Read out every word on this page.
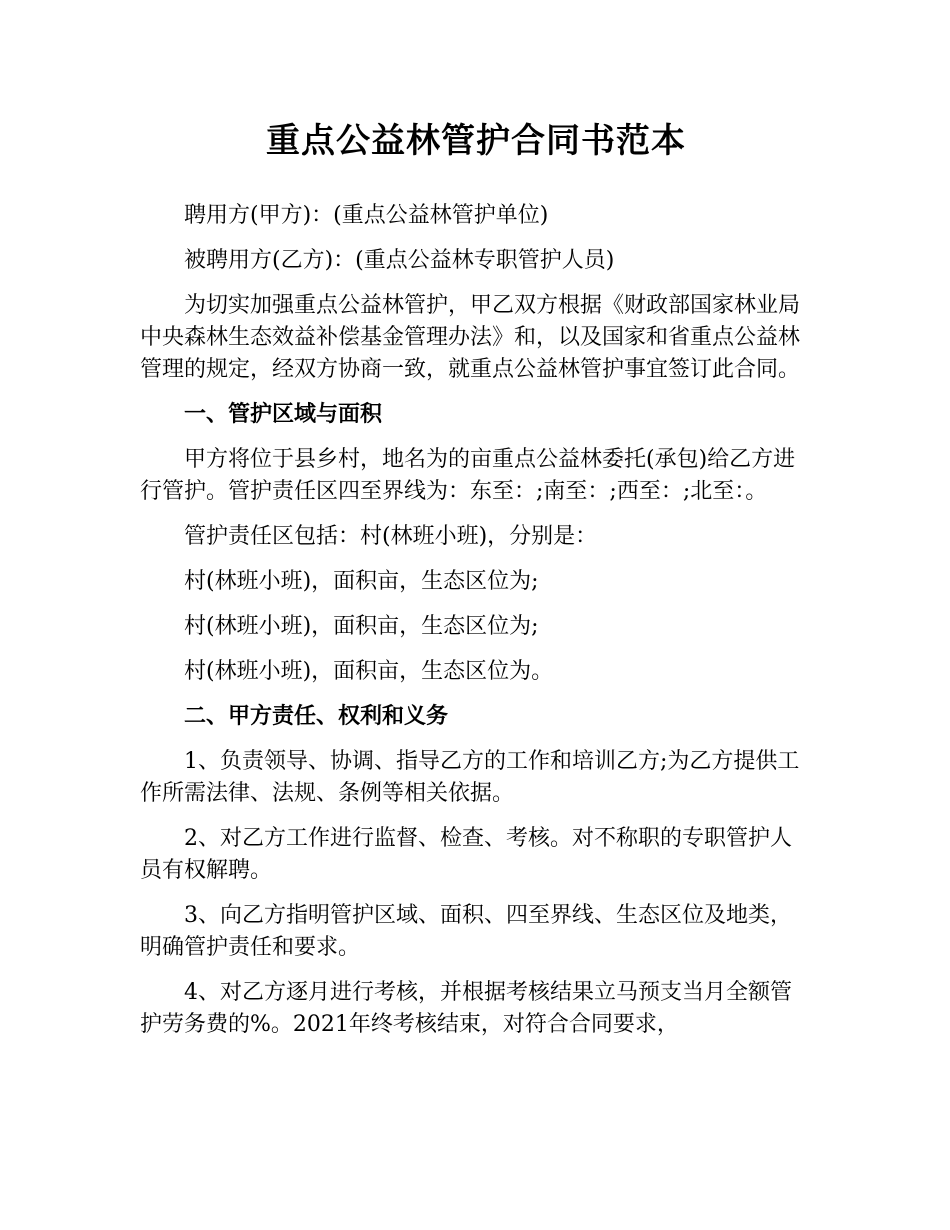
重点公益林管护合同书范本

聘用方(甲方)：(重点公益林管护单位)

被聘用方(乙方)：(重点公益林专职管护人员)

为切实加强重点公益林管护，甲乙双方根据《财政部国家林业局中央森林生态效益补偿基金管理办法》和，以及国家和省重点公益林管理的规定，经双方协商一致，就重点公益林管护事宜签订此合同。

一、管护区域与面积

甲方将位于县乡村，地名为的亩重点公益林委托(承包)给乙方进行管护。管护责任区四至界线为：东至：;南至：;西至：;北至：。

管护责任区包括：村(林班小班)，分别是：

村(林班小班)，面积亩，生态区位为;

村(林班小班)，面积亩，生态区位为;

村(林班小班)，面积亩，生态区位为。

二、甲方责任、权利和义务

1、负责领导、协调、指导乙方的工作和培训乙方;为乙方提供工作所需法律、法规、条例等相关依据。

2、对乙方工作进行监督、检查、考核。对不称职的专职管护人员有权解聘。

3、向乙方指明管护区域、面积、四至界线、生态区位及地类，明确管护责任和要求。

4、对乙方逐月进行考核，并根据考核结果立马预支当月全额管护劳务费的%。2021年终考核结束，对符合合同要求，
